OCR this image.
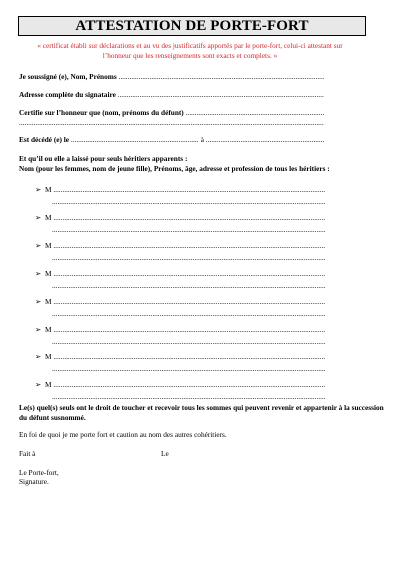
ATTESTATION DE PORTE-FORT
« certificat établi sur déclarations et au vu des justificatifs apportés par le porte-fort, celui-ci attestant sur l’honneur que les renseignements sont exacts et complets. »
Je soussigné (e), Nom, Prénoms .....
Adresse complète du signataire .....
Certifie sur l’honneur que (nom, prénoms du défunt) .....
.....
Est décédé (e) le .....	à .....
Et qu’il ou elle a laissé pour seuls héritiers apparents :
Nom (pour les femmes, nom de jeune fille), Prénoms, âge, adresse et profession de tous les héritiers :
➢ M .....
.....
➢ M .....
.....
➢ M .....
.....
➢ M .....
.....
➢ M .....
.....
➢ M .....
.....
➢ M .....
.....
➢ M .....
.....
Le(s) quel(s) seuls ont le droit de toucher et recevoir tous les sommes qui peuvent revenir et appartenir à la succession du défunt susnommé.
En foi de quoi je me porte fort et caution au nom des autres cohéritiers.
Fait à	Le
Le Porte-fort,
Signature.
